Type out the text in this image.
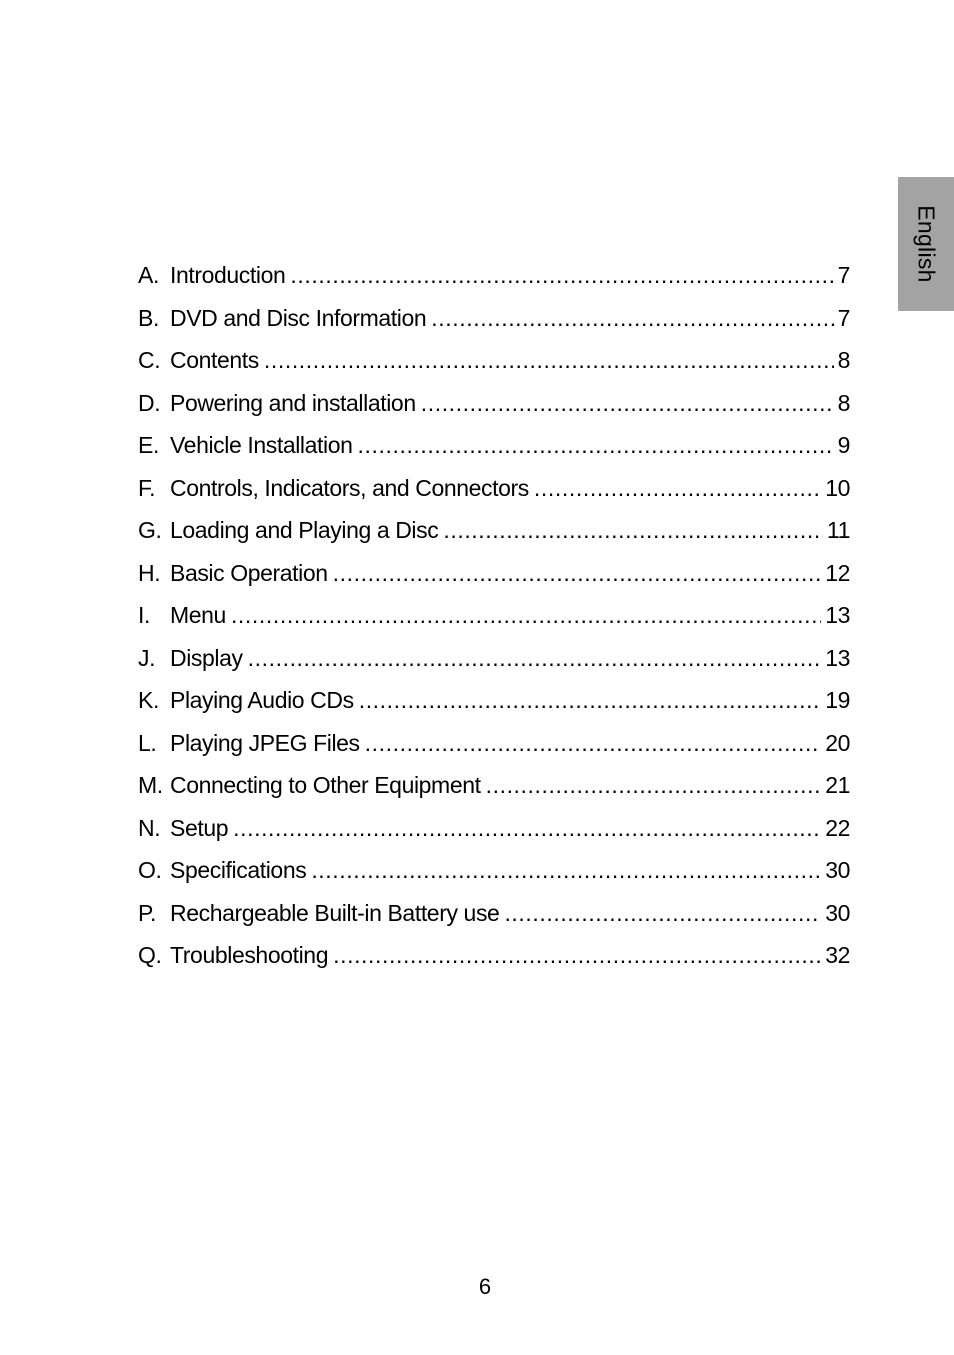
English
A. Introduction .....	7
B. DVD and Disc Information .....	7
C. Contents .....	8
D. Powering and installation .....	8
E. Vehicle Installation .....	9
F. Controls, Indicators, and Connectors .....	10
G. Loading and Playing a Disc .....	11
H. Basic Operation .....	12
I. Menu .....	13
J. Display .....	13
K. Playing Audio CDs .....	19
L. Playing JPEG Files .....	20
M. Connecting to Other Equipment .....	21
N. Setup .....	22
O. Specifications .....	30
P. Rechargeable Built-in Battery use .....	30
Q. Troubleshooting .....	32
6
